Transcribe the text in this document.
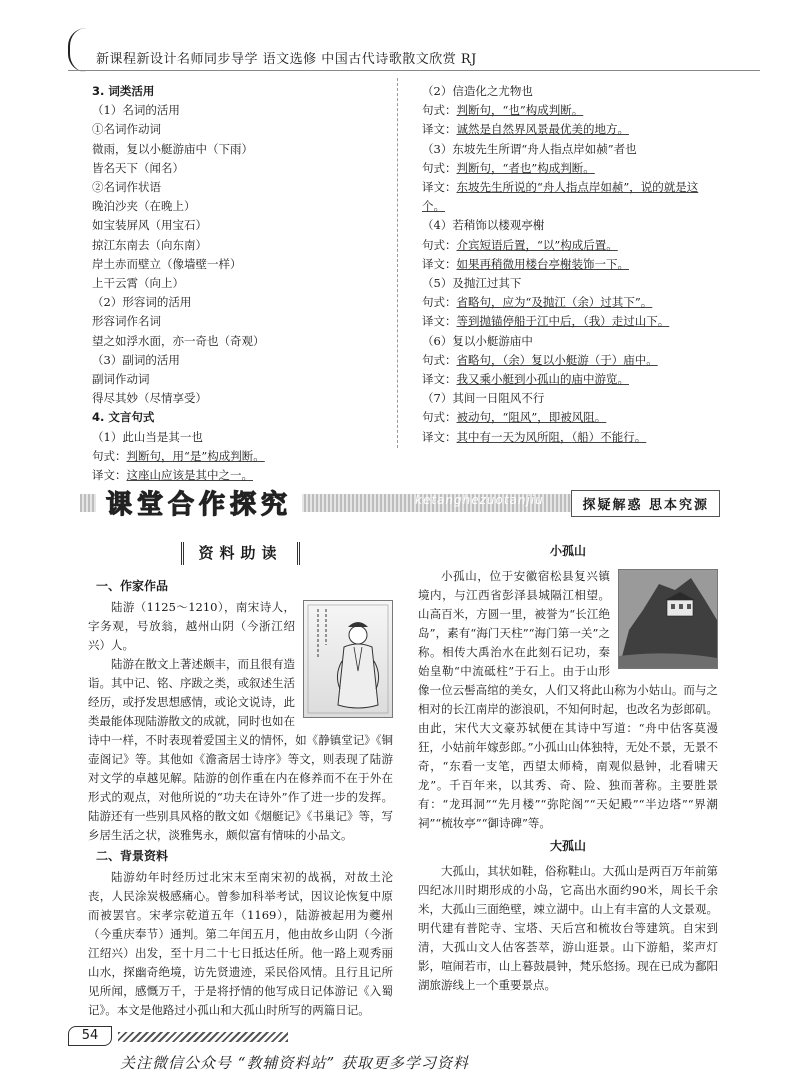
新课程新设计名师同步导学 语文选修 中国古代诗歌散文欣赏 RJ
3. 词类活用
（1）名词的活用
①名词作动词
微雨，复以小艇游庙中（下雨）
皆名天下（闻名）
②名词作状语
晚泊沙夹（在晚上）
如宝装屏风（用宝石）
掠江东南去（向东南）
岸土赤而壁立（像墙壁一样）
上干云霄（向上）
（2）形容词的活用
形容词作名词
望之如浮水面，亦一奇也（奇观）
（3）副词的活用
副词作动词
得尽其妙（尽情享受）
4. 文言句式
（1）此山当是其一也
句式：判断句，用“是”构成判断。
译文：这座山应该是其中之一。
（2）信造化之尤物也
句式：判断句，“也”构成判断。
译文：诚然是自然界风景最优美的地方。
（3）东坡先生所谓“舟人指点岸如赪”者也
句式：判断句，“者也”构成判断。
译文：东坡先生所说的“舟人指点岸如赪”，说的就是这个。
（4）若稍饰以楼观亭榭
句式：介宾短语后置，“以”构成后置。
译文：如果再稍微用楼台亭榭装饰一下。
（5）及抛江过其下
句式：省略句，应为“及抛江（余）过其下”。
译文：等到抛锚停船于江中后，（我）走过山下。
（6）复以小艇游庙中
句式：省略句，（余）复以小艇游（于）庙中。
译文：我又乘小艇到小孤山的庙中游览。
（7）其间一日阻风不行
句式：被动句，“阻风”，即被风阻。
译文：其中有一天为风所阻，（船）不能行。
课堂合作探究	ketanghezuotanjiu	探疑解惑 思本究源
资料助读
一、作家作品

陆游（1125～1210），南宋诗人，字务观，号放翁，越州山阴（今浙江绍兴）人。

陆游在散文上著述颇丰，而且很有造诣。其中记、铭、序跋之类，或叙述生活经历，或抒发思想感情，或论文说诗，此类最能体现陆游散文的成就，同时也如在诗中一样，不时表现着爱国主义的情怀，如《静镇堂记》《铜壶阁记》等。其他如《澹斋居士诗序》等文，则表现了陆游对文学的卓越见解。陆游的创作重在内在修养而不在于外在形式的观点，对他所说的“功夫在诗外”作了进一步的发挥。陆游还有一些别具风格的散文如《烟艇记》《书巢记》等，写乡居生活之状，淡雅隽永，颇似富有情味的小品文。

二、背景资料

陆游幼年时经历过北宋末至南宋初的战祸，对故土沦丧，人民涂炭极感痛心。曾参加科举考试，因议论恢复中原而被罢官。宋孝宗乾道五年（1169），陆游被起用为夔州（今重庆奉节）通判。第二年闰五月，他由故乡山阴（今浙江绍兴）出发，至十月二十七日抵达任所。他一路上观秀丽山水，探幽奇绝境，访先贤遗迹，采民俗风情。且行且记所见所闻，感慨万千，于是将抒情的他写成日记体游记《入蜀记》。本文是他路过小孤山和大孤山时所写的两篇日记。

小孤山

小孤山，位于安徽宿松县复兴镇境内，与江西省彭泽县城隔江相望。山高百米，方圆一里，被誉为“长江绝岛”，素有“海门天柱”“海门第一关”之称。相传大禹治水在此刻石记功，秦始皇勒“中流砥柱”于石上。由于山形像一位云髻高绾的美女，人们又将此山称为小姑山。而与之相对的长江南岸的澎浪矶，不知何时起，也改名为彭郎矶。由此，宋代大文豪苏轼便在其诗中写道：“舟中估客莫漫狂，小姑前年嫁彭郎。”小孤山山体独特，无处不景，无景不奇，“东看一支笔，西望太师椅，南观似悬钟，北看啸天龙”。千百年来，以其秀、奇、险、独而著称。主要胜景有：“龙珥洞”“先月楼”“弥陀阁”“天妃殿”“半边塔”“界潮祠”“梳妆亭”“御诗碑”等。

大孤山

大孤山，其状如鞋，俗称鞋山。大孤山是两百万年前第四纪冰川时期形成的小岛，它高出水面约90米，周长千余米，大孤山三面绝壁，竦立湖中。山上有丰富的人文景观。明代建有普陀寺、宝塔、天后宫和梳妆台等建筑。自宋到清，大孤山文人估客荟萃，游山逛景。山下游船，桨声灯影，喧闹若市，山上暮鼓晨钟，梵乐悠扬。现在已成为鄱阳湖旅游线上一个重要景点。

54
关注微信公众号 “教辅资料站” 获取更多学习资料
